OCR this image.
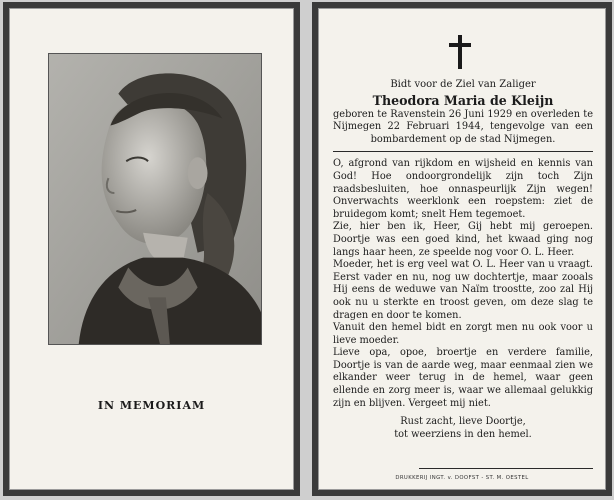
IN MEMORIAM
Bidt voor de Ziel van Zaliger
Theodora Maria de Kleijn
geboren te Ravenstein 26 Juni 1929 en overleden te Nijmegen 22 Februari 1944, tengevolge van een bombardement op de stad Nijmegen.
O, afgrond van rijkdom en wijsheid en kennis van God! Hoe ondoorgrondelijk zijn toch Zijn raadsbesluiten, hoe onnaspeurlijk Zijn wegen! Onverwachts weerklonk een roepstem: ziet de bruidegom komt; snelt Hem tegemoet.
Zie, hier ben ik, Heer, Gij hebt mij geroepen. Doortje was een goed kind, het kwaad ging nog langs haar heen, ze speelde nog voor O. L. Heer.
Moeder, het is erg veel wat O. L. Heer van u vraagt. Eerst vader en nu, nog uw dochtertje, maar zooals Hij eens de weduwe van Naïm troostte, zoo zal Hij ook nu u sterkte en troost geven, om deze slag te dragen en door te komen.
Vanuit den hemel bidt en zorgt men nu ook voor u lieve moeder.
Lieve opa, opoe, broertje en verdere familie, Doortje is van de aarde weg, maar eenmaal zien we elkander weer terug in de hemel, waar geen ellende en zorg meer is, waar we allemaal gelukkig zijn en blijven. Vergeet mij niet.
Rust zacht, lieve Doortje,
tot weerziens in den hemel.
DRUKKERIJ INGT. v. DOOFST - ST. M. OESTEL
